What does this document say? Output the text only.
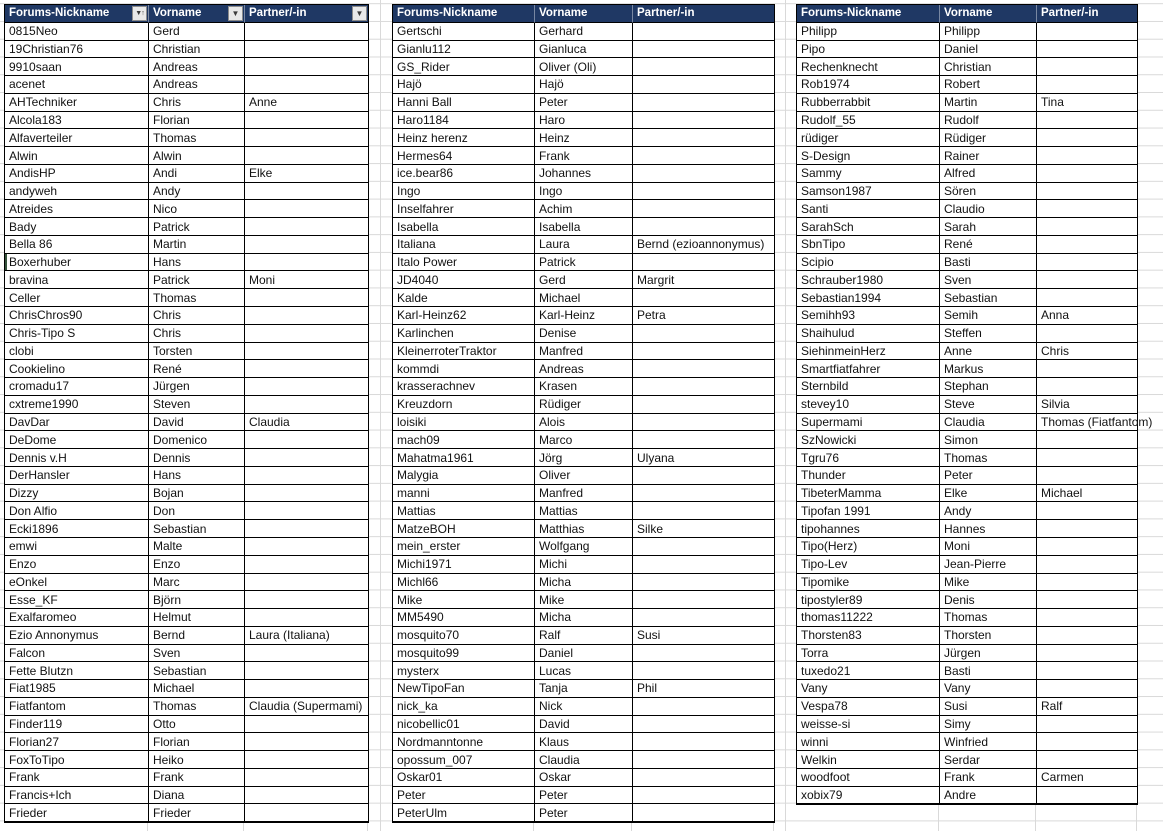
Forums-Nickname	▼↑ Vorname	▼ Partner/-in	▼
0815Neo	Gerd
19Christian76	Christian
9910saan	Andreas
acenet	Andreas
AHTechniker	Chris	Anne
Alcola183	Florian
Alfaverteiler	Thomas
Alwin	Alwin
AndisHP	Andi	Elke
andyweh	Andy
Atreides	Nico
Bady	Patrick
Bella 86	Martin
Boxerhuber	Hans
bravina	Patrick	Moni
Celler	Thomas
ChrisChros90	Chris
Chris-Tipo S	Chris
clobi	Torsten
Cookielino	René
cromadu17	Jürgen
cxtreme1990	Steven
DavDar	David	Claudia
DeDome	Domenico
Dennis v.H	Dennis
DerHansler	Hans
Dizzy	Bojan
Don Alfio	Don
Ecki1896	Sebastian
emwi	Malte
Enzo	Enzo
eOnkel	Marc
Esse_KF	Björn
Exalfaromeo	Helmut
Ezio Annonymus	Bernd	Laura (Italiana)
Falcon	Sven
Fette Blutzn	Sebastian
Fiat1985	Michael
Fiatfantom	Thomas	Claudia (Supermami)
Finder119	Otto
Florian27	Florian
FoxToTipo	Heiko
Frank	Frank
Francis+Ich	Diana
Frieder	Frieder
Forums-Nickname	Vorname	Partner/-in
Gertschi	Gerhard
Gianlu112	Gianluca
GS_Rider	Oliver (Oli)
Hajö	Hajö
Hanni Ball	Peter
Haro1184	Haro
Heinz herenz	Heinz
Hermes64	Frank
ice.bear86	Johannes
Ingo	Ingo
Inselfahrer	Achim
Isabella	Isabella
Italiana	Laura	Bernd (ezioannonymus)
Italo Power	Patrick
JD4040	Gerd	Margrit
Kalde	Michael
Karl-Heinz62	Karl-Heinz	Petra
Karlinchen	Denise
KleinerroterTraktor	Manfred
kommdi	Andreas
krasserachnev	Krasen
Kreuzdorn	Rüdiger
loisiki	Alois
mach09	Marco
Mahatma1961	Jörg	Ulyana
Malygia	Oliver
manni	Manfred
Mattias	Mattias
MatzeBOH	Matthias	Silke
mein_erster	Wolfgang
Michi1971	Michi
Michl66	Micha
Mike	Mike
MM5490	Micha
mosquito70	Ralf	Susi
mosquito99	Daniel
mysterx	Lucas
NewTipoFan	Tanja	Phil
nick_ka	Nick
nicobellic01	David
Nordmanntonne	Klaus
opossum_007	Claudia
Oskar01	Oskar
Peter	Peter
PeterUlm	Peter
Forums-Nickname	Vorname	Partner/-in
Philipp	Philipp
Pipo	Daniel
Rechenknecht	Christian
Rob1974	Robert
Rubberrabbit	Martin	Tina
Rudolf_55	Rudolf
rüdiger	Rüdiger
S-Design	Rainer
Sammy	Alfred
Samson1987	Sören
Santi	Claudio
SarahSch	Sarah
SbnTipo	René
Scipio	Basti
Schrauber1980	Sven
Sebastian1994	Sebastian
Semihh93	Semih	Anna
Shaihulud	Steffen
SiehinmeinHerz	Anne	Chris
Smartfiatfahrer	Markus
Sternbild	Stephan
stevey10	Steve	Silvia
Supermami	Claudia	Thomas (Fiatfantom)
SzNowicki	Simon
Tgru76	Thomas
Thunder	Peter
TibeterMamma	Elke	Michael
Tipofan 1991	Andy
tipohannes	Hannes
Tipo(Herz)	Moni
Tipo-Lev	Jean-Pierre
Tipomike	Mike
tipostyler89	Denis
thomas11222	Thomas
Thorsten83	Thorsten
Torra	Jürgen
tuxedo21	Basti
Vany	Vany
Vespa78	Susi	Ralf
weisse-si	Simy
winni	Winfried
Welkin	Serdar
woodfoot	Frank	Carmen
xobix79	Andre
